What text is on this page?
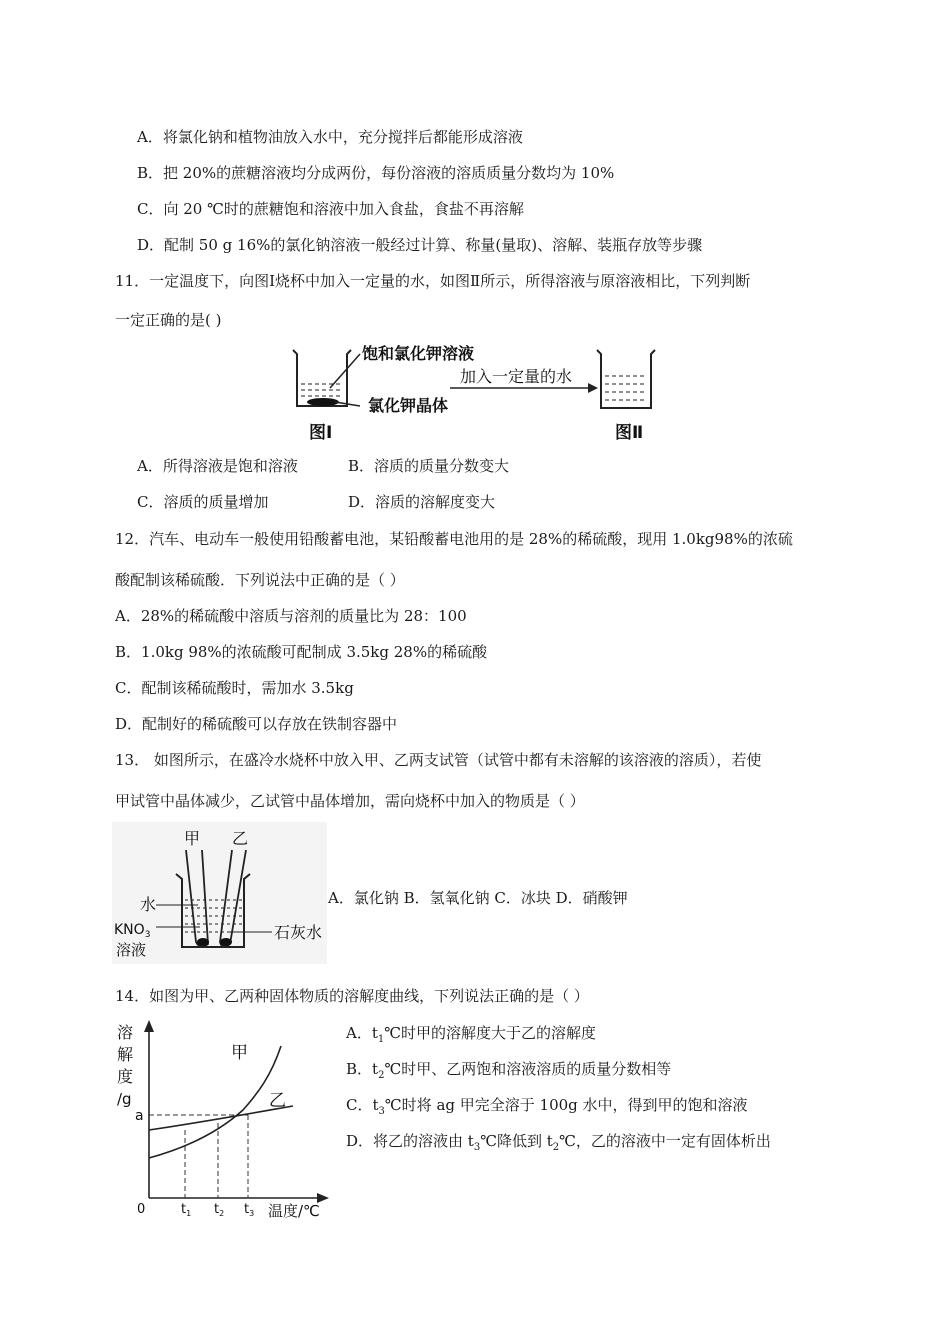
A．将氯化钠和植物油放入水中，充分搅拌后都能形成溶液
B．把 20%的蔗糖溶液均分成两份，每份溶液的溶质质量分数均为 10%
C．向 20 ℃时的蔗糖饱和溶液中加入食盐，食盐不再溶解
D．配制 50 g 16%的氯化钠溶液一般经过计算、称量(量取)、溶解、装瓶存放等步骤
11．一定温度下，向图Ⅰ烧杯中加入一定量的水，如图Ⅱ所示，所得溶液与原溶液相比，下列判断
一定正确的是( )
饱和氯化钾溶液
氯化钾晶体
加入一定量的水
图Ⅰ	图Ⅱ
A．所得溶液是饱和溶液	B．溶质的质量分数变大
C．溶质的质量增加	D．溶质的溶解度变大
12．汽车、电动车一般使用铅酸蓄电池，某铅酸蓄电池用的是 28%的稀硫酸，现用 1.0kg98%的浓硫
酸配制该稀硫酸．下列说法中正确的是（ ）
A．28%的稀硫酸中溶质与溶剂的质量比为 28：100
B．1.0kg 98%的浓硫酸可配制成 3.5kg 28%的稀硫酸
C．配制该稀硫酸时，需加水 3.5kg
D．配制好的稀硫酸可以存放在铁制容器中
13． 如图所示，在盛冷水烧杯中放入甲、乙两支试管（试管中都有未溶解的该溶液的溶质），若使
甲试管中晶体减少，乙试管中晶体增加，需向烧杯中加入的物质是（ ）
甲 乙
水
$KNO_3$
溶液
石灰水
A．氯化钠 B．氢氧化钠 C．冰块 D．硝酸钾
14．如图为甲、乙两种固体物质的溶解度曲线，下列说法正确的是（ ）
溶
解
度
/g
a
甲
乙
0	$t_1$ $t_2$ $t_3$ 温度/℃
A．$t_1℃$时甲的溶解度大于乙的溶解度
B．$t_2℃$时甲、乙两饱和溶液溶质的质量分数相等
C．$t_3℃$时将 ag 甲完全溶于 100g 水中，得到甲的饱和溶液
D．将乙的溶液由 $t_3℃$降低到 $t_2℃$，乙的溶液中一定有固体析出
